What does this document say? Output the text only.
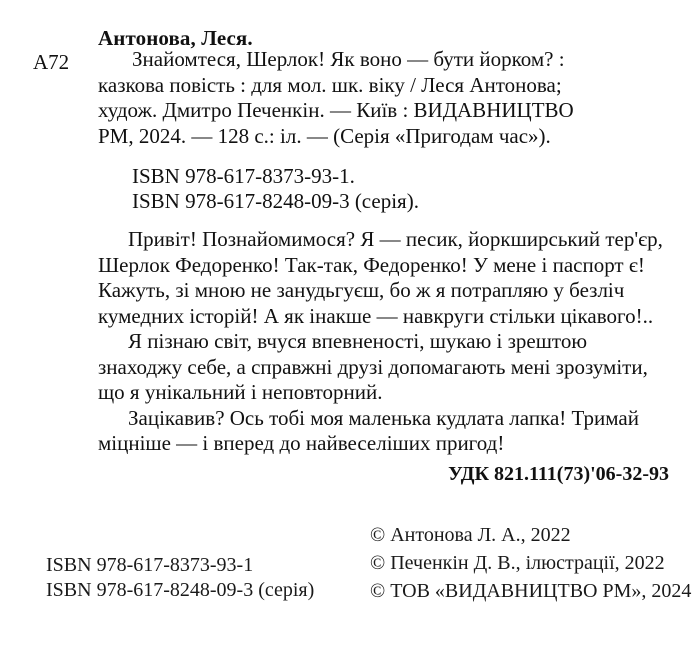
Антонова, Леся.
А72	Знайомтеся, Шерлок! Як воно — бути йорком? :
казкова повість : для мол. шк. віку / Леся Антонова;
худож. Дмитро Печенкін. — Київ : ВИДАВНИЦТВО
РМ, 2024. — 128 с.: іл. — (Серія «Пригодам час»).
ISBN 978-617-8373-93-1.
ISBN 978-617-8248-09-3 (серія).
Привіт! Познайомимося? Я — песик, йоркширський тер'єр,
Шерлок Федоренко! Так-так, Федоренко! У мене і паспорт є!
Кажуть, зі мною не занудьгуєш, бо ж я потрапляю у безліч
кумедних історій! А як інакше — навкруги стільки цікавого!..
Я пізнаю світ, вчуся впевненості, шукаю і зрештою
знаходжу себе, а справжні друзі допомагають мені зрозуміти,
що я унікальний і неповторний.
Зацікавив? Ось тобі моя маленька кудлата лапка! Тримай
міцніше — і вперед до найвеселіших пригод!
УДК 821.111(73)'06-32-93
ISBN 978-617-8373-93-1
ISBN 978-617-8248-09-3 (серія)
© Антонова Л. А., 2022
© Печенкін Д. В., ілюстрації, 2022
© ТОВ «ВИДАВНИЦТВО РМ», 2024
